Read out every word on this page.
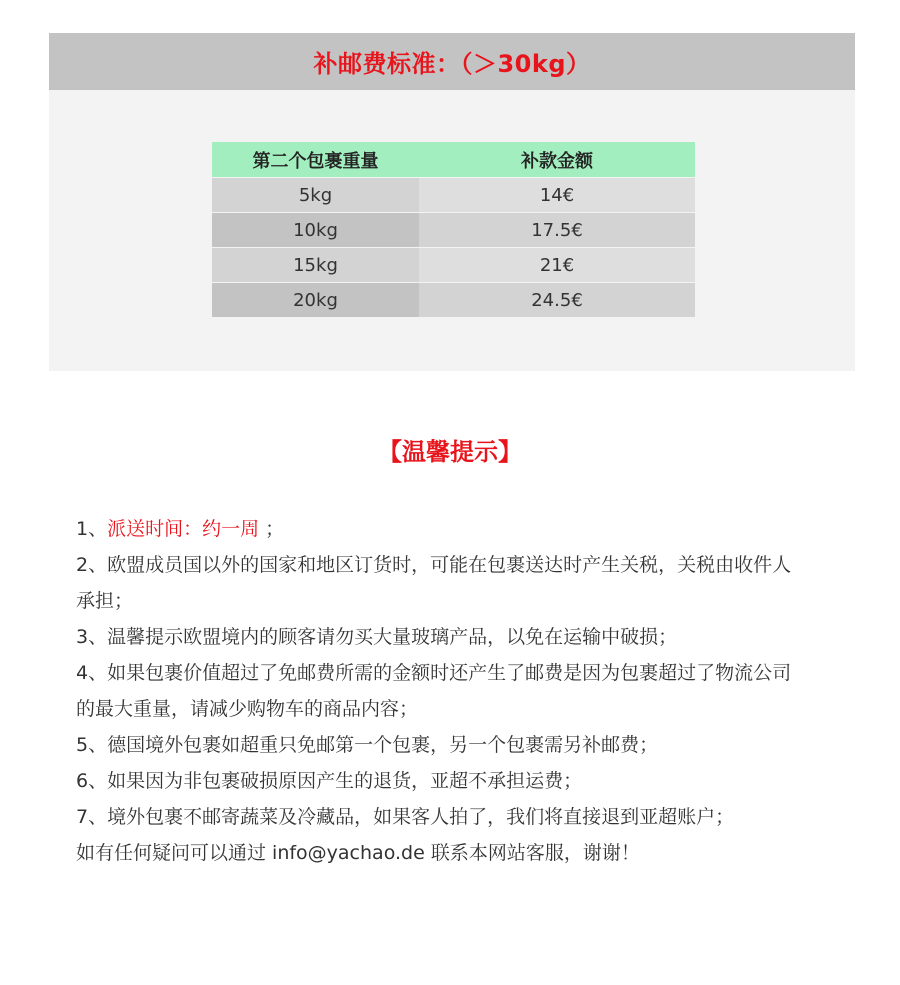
补邮费标准：（＞30kg）
第二个包裹重量	补款金额
5kg	14€
10kg	17.5€
15kg	21€
20kg	24.5€
【温馨提示】

1、派送时间：约一周 ；

2、欧盟成员国以外的国家和地区订货时，可能在包裹送达时产生关税，关税由收件人承担；

3、温馨提示欧盟境内的顾客请勿买大量玻璃产品，以免在运输中破损；

4、如果包裹价值超过了免邮费所需的金额时还产生了邮费是因为包裹超过了物流公司的最大重量，请减少购物车的商品内容；

5、德国境外包裹如超重只免邮第一个包裹，另一个包裹需另补邮费；

6、如果因为非包裹破损原因产生的退货，亚超不承担运费；

7、境外包裹不邮寄蔬菜及冷藏品，如果客人拍了，我们将直接退到亚超账户；

如有任何疑问可以通过 info@yachao.de 联系本网站客服，谢谢！
